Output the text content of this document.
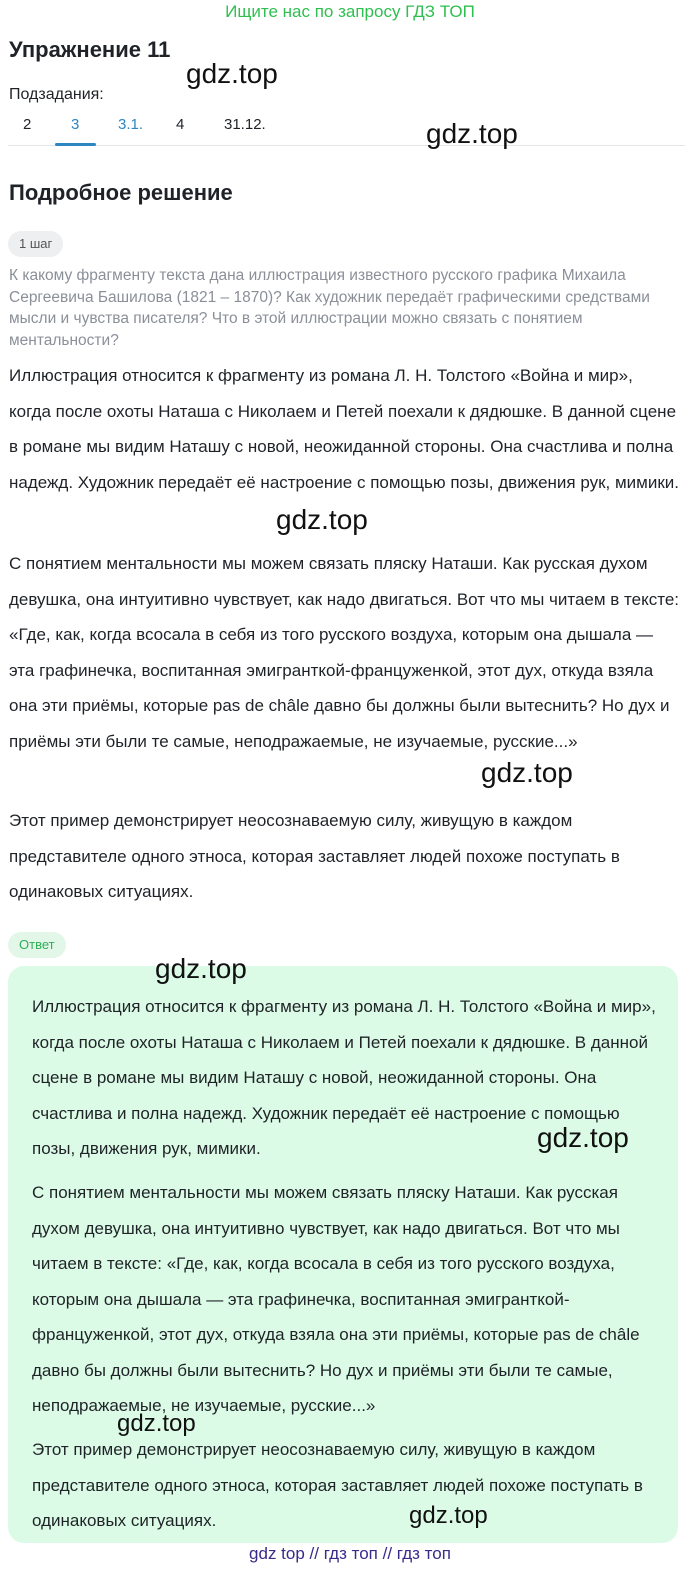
Ищите нас по запросу ГДЗ ТОП
Упражнение 11
gdz.top
Подзадания:
2	3	3.1. 4	31.12.	gdz.top
Подробное решение
1 шаг
К какому фрагменту текста дана иллюстрация известного русского графика Михаила Сергеевича Башилова (1821 – 1870)? Как художник передаёт графическими средствами мысли и чувства писателя? Что в этой иллюстрации можно связать с понятием ментальности?
Иллюстрация относится к фрагменту из романа Л. Н. Толстого «Война и мир», когда после охоты Наташа с Николаем и Петей поехали к дядюшке. В данной сцене в романе мы видим Наташу с новой, неожиданной стороны. Она счастлива и полна надежд. Художник передаёт её настроение с помощью позы, движения рук, мимики.
gdz.top
С понятием ментальности мы можем связать пляску Наташи. Как русская духом девушка, она интуитивно чувствует, как надо двигаться. Вот что мы читаем в тексте: «Где, как, когда всосала в себя из того русского воздуха, которым она дышала — эта графинечка, воспитанная эмигранткой-француженкой, этот дух, откуда взяла она эти приёмы, которые pas de châle давно бы должны были вытеснить? Но дух и приёмы эти были те самые, неподражаемые, не изучаемые, русские...»
gdz.top
Этот пример демонстрирует неосознаваемую силу, живущую в каждом представителе одного этноса, которая заставляет людей похоже поступать в одинаковых ситуациях.
Ответ
Иллюстрация относится к фрагменту из романа Л. Н. Толстого «Война и мир», когда после охоты Наташа с Николаем и Петей поехали к дядюшке. В данной сцене в романе мы видим Наташу с новой, неожиданной стороны. Она счастлива и полна надежд. Художник передаёт её настроение с помощью позы, движения рук, мимики.
С понятием ментальности мы можем связать пляску Наташи. Как русская духом девушка, она интуитивно чувствует, как надо двигаться. Вот что мы читаем в тексте: «Где, как, когда всосала в себя из того русского воздуха, которым она дышала — эта графинечка, воспитанная эмигранткой-француженкой, этот дух, откуда взяла она эти приёмы, которые pas de châle давно бы должны были вытеснить? Но дух и приёмы эти были те самые, неподражаемые, не изучаемые, русские...»
Этот пример демонстрирует неосознаваемую силу, живущую в каждом представителе одного этноса, которая заставляет людей похоже поступать в одинаковых ситуациях.
gdz.top
gdz.top
gdz.top
gdz.top
gdz top // гдз топ // гдз топ
